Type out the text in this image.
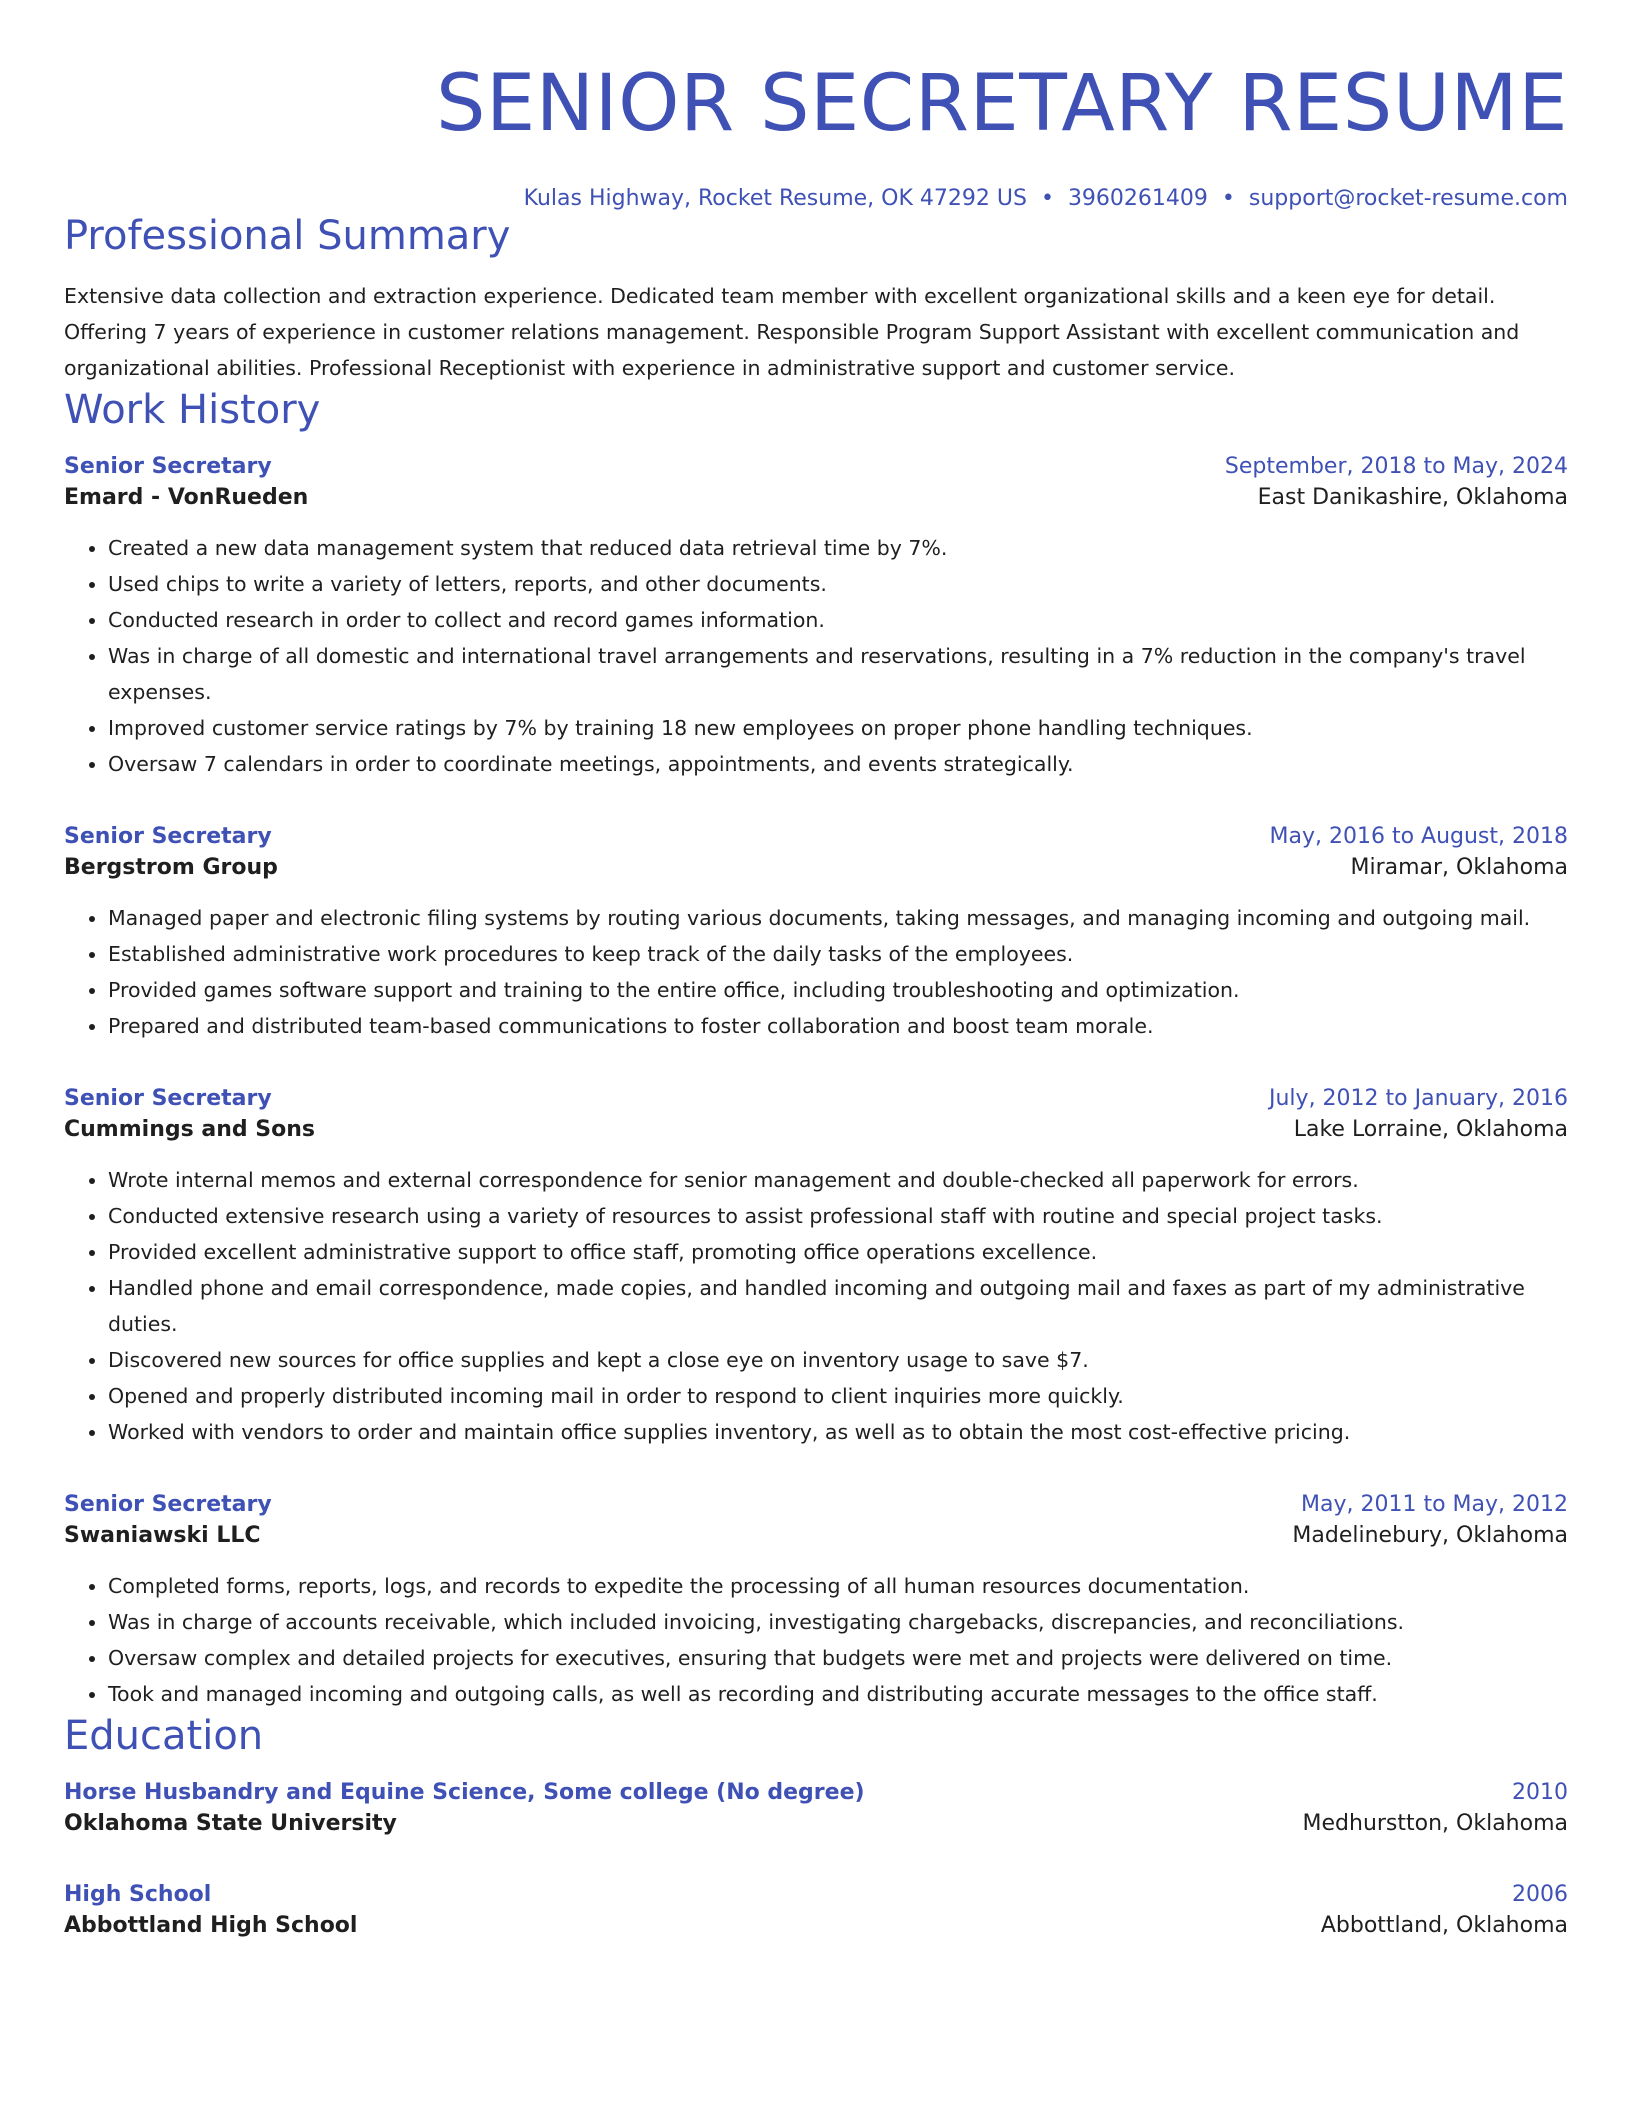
SENIOR SECRETARY RESUME
Kulas Highway, Rocket Resume, OK 47292 US • 3960261409 • support@rocket-resume.com
Professional Summary
Extensive data collection and extraction experience. Dedicated team member with excellent organizational skills and a keen eye for detail. Offering 7 years of experience in customer relations management. Responsible Program Support Assistant with excellent communication and organizational abilities. Professional Receptionist with experience in administrative support and customer service.
Work History
Senior Secretary	September, 2018 to May, 2024
Emard - VonRueden	East Danikashire, Oklahoma
• Created a new data management system that reduced data retrieval time by 7%.
• Used chips to write a variety of letters, reports, and other documents.
• Conducted research in order to collect and record games information.
• Was in charge of all domestic and international travel arrangements and reservations, resulting in a 7% reduction in the company's travel expenses.
• Improved customer service ratings by 7% by training 18 new employees on proper phone handling techniques.
• Oversaw 7 calendars in order to coordinate meetings, appointments, and events strategically.
Senior Secretary	May, 2016 to August, 2018
Bergstrom Group	Miramar, Oklahoma
• Managed paper and electronic filing systems by routing various documents, taking messages, and managing incoming and outgoing mail.
• Established administrative work procedures to keep track of the daily tasks of the employees.
• Provided games software support and training to the entire office, including troubleshooting and optimization.
• Prepared and distributed team-based communications to foster collaboration and boost team morale.
Senior Secretary	July, 2012 to January, 2016
Cummings and Sons	Lake Lorraine, Oklahoma
• Wrote internal memos and external correspondence for senior management and double-checked all paperwork for errors.
• Conducted extensive research using a variety of resources to assist professional staff with routine and special project tasks.
• Provided excellent administrative support to office staff, promoting office operations excellence.
• Handled phone and email correspondence, made copies, and handled incoming and outgoing mail and faxes as part of my administrative duties.
• Discovered new sources for office supplies and kept a close eye on inventory usage to save $7.
• Opened and properly distributed incoming mail in order to respond to client inquiries more quickly.
• Worked with vendors to order and maintain office supplies inventory, as well as to obtain the most cost-effective pricing.
Senior Secretary	May, 2011 to May, 2012
Swaniawski LLC	Madelinebury, Oklahoma
• Completed forms, reports, logs, and records to expedite the processing of all human resources documentation.
• Was in charge of accounts receivable, which included invoicing, investigating chargebacks, discrepancies, and reconciliations.
• Oversaw complex and detailed projects for executives, ensuring that budgets were met and projects were delivered on time.
• Took and managed incoming and outgoing calls, as well as recording and distributing accurate messages to the office staff.
Education
Horse Husbandry and Equine Science, Some college (No degree)	2010
Oklahoma State University	Medhurstton, Oklahoma
High School	2006
Abbottland High School	Abbottland, Oklahoma
